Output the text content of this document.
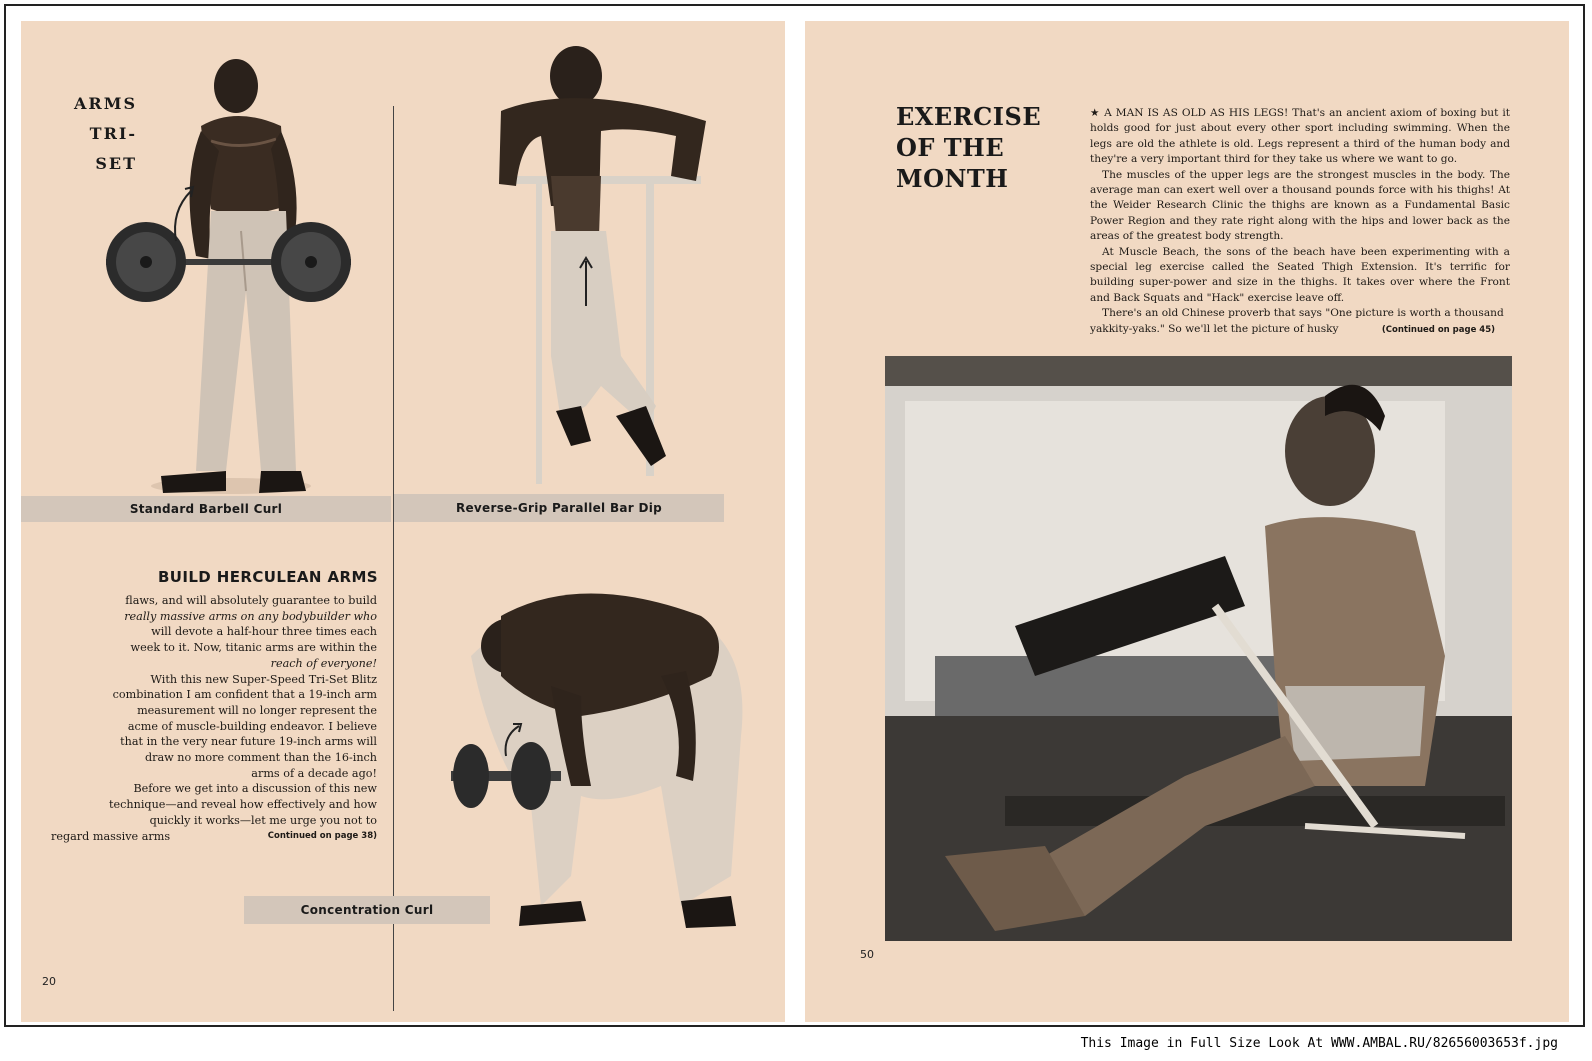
ARMS
TRI-
SET
Standard Barbell Curl	Reverse-Grip Parallel Bar Dip
BUILD HERCULEAN ARMS

flaws, and will absolutely guarantee to build

really massive arms on any bodybuilder who

will devote a half-hour three times each

week to it. Now, titanic arms are within the

reach of everyone!

With this new Super-Speed Tri-Set Blitz

combination I am confident that a 19-inch arm

measurement will no longer represent the

acme of muscle-building endeavor. I believe

that in the very near future 19-inch arms will

draw no more comment than the 16-inch

arms of a decade ago!

Before we get into a discussion of this new

technique—and reveal how effectively and how

quickly it works—let me urge you not to

regard massive arms	Continued on page 38)

Concentration Curl
20
EXERCISE
OF THE
MONTH

★ A MAN IS AS OLD AS HIS LEGS! That's an ancient axiom of boxing but it holds good for just about every other sport including swimming. When the legs are old the athlete is old. Legs represent a third of the human body and they're a very important third for they take us where we want to go.

The muscles of the upper legs are the strongest muscles in the body. The average man can exert well over a thousand pounds force with his thighs! At the Weider Research Clinic the thighs are known as a Fundamental Basic Power Region and they rate right along with the hips and lower back as the areas of the greatest body strength.

At Muscle Beach, the sons of the beach have been experimenting with a special leg exercise called the Seated Thigh Extension. It's terrific for building super-power and size in the thighs. It takes over where the Front and Back Squats and "Hack" exercise leave off.

There's an old Chinese proverb that says "One picture is worth a thousand yakkity-yaks." So we'll let the picture of husky	(Continued on page 45)

50
This Image in Full Size Look At WWW.AMBAL.RU/82656003653f.jpg
